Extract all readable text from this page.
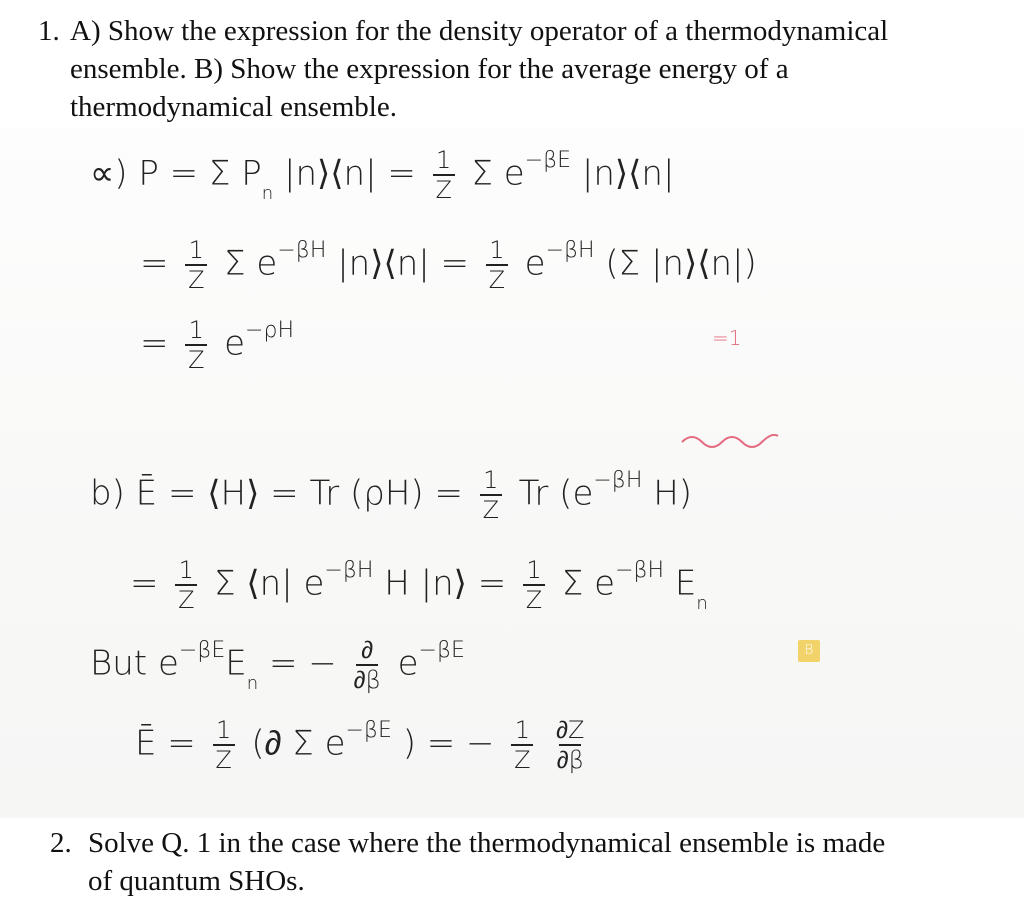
1. A) Show the expression for the density operator of a thermodynamical
ensemble. B) Show the expression for the average energy of a
thermodynamical ensemble.
∝) P = Σ $P_n$ |n⟩⟨n| = $\frac{1}{Z}$ Σ $e^{-\beta E}$ |n⟩⟨n|
= $\frac{1}{Z}$ Σ $e^{-\beta H}$ |n⟩⟨n| = $\frac{1}{Z} e^{-\beta H}$ (Σ |n⟩⟨n|)
=1
= $\frac{1}{Z} e^{-\rho H}$
b) Ē = ⟨H⟩ = Tr $(\rho H) = \frac{1}{Z}$ Tr ($e^{-\beta H}$ H)
B
= $\frac{1}{Z}$ Σ ⟨n| $e^{-\beta H}$ H |n⟩ = $\frac{1}{Z}$ Σ $e^{-\beta H}$ $E_n$
But $e^{-\beta E}E_n$ = − $\frac{\partial}{\partial\beta} e^{-\beta E}$
Ē = $\frac{1}{Z}$ (∂ Σ $e^{-\beta E}$ ) = − $\frac{1}{Z}$
$\frac{\partial Z}{\partial\beta}$
2. Solve Q. 1 in the case where the thermodynamical ensemble is made
of quantum SHOs.
